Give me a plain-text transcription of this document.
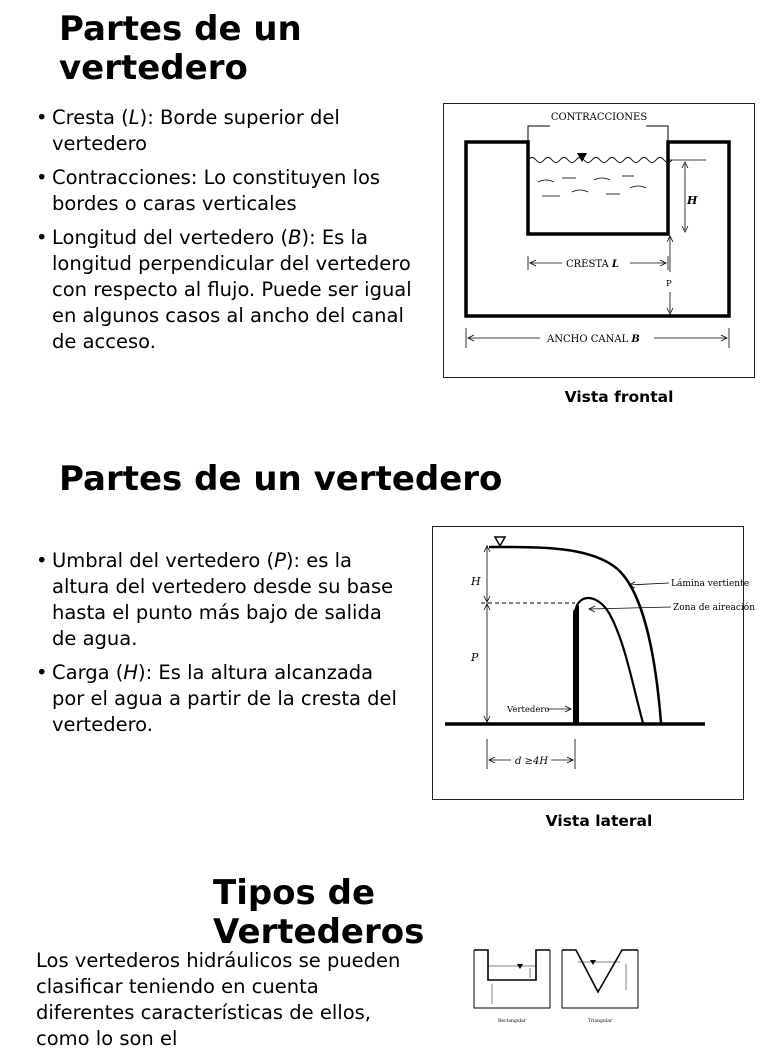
Partes de un vertedero
• Cresta (L): Borde superior del vertedero
• Contracciones: Lo constituyen los bordes o caras verticales
• Longitud del vertedero (B): Es la longitud perpendicular del vertedero con respecto al flujo. Puede ser igual en algunos casos al ancho del canal de acceso.
CONTRACCIONES
H
CRESTA L
P
ANCHO CANAL B
Vista frontal
Partes de un vertedero
• Umbral del vertedero (P): es la altura del vertedero desde su base hasta el punto más bajo de salida de agua.
• Carga (H): Es la altura alcanzada por el agua a partir de la cresta del vertedero.
H
P
Lámina vertiente
Zona de aireación
Vertedero
d ≥4H
Vista lateral
Tipos de Vertederos

Los vertederos hidráulicos se pueden clasificar teniendo en cuenta diferentes características de ellos, como lo son el

Rectangular	Triangular
